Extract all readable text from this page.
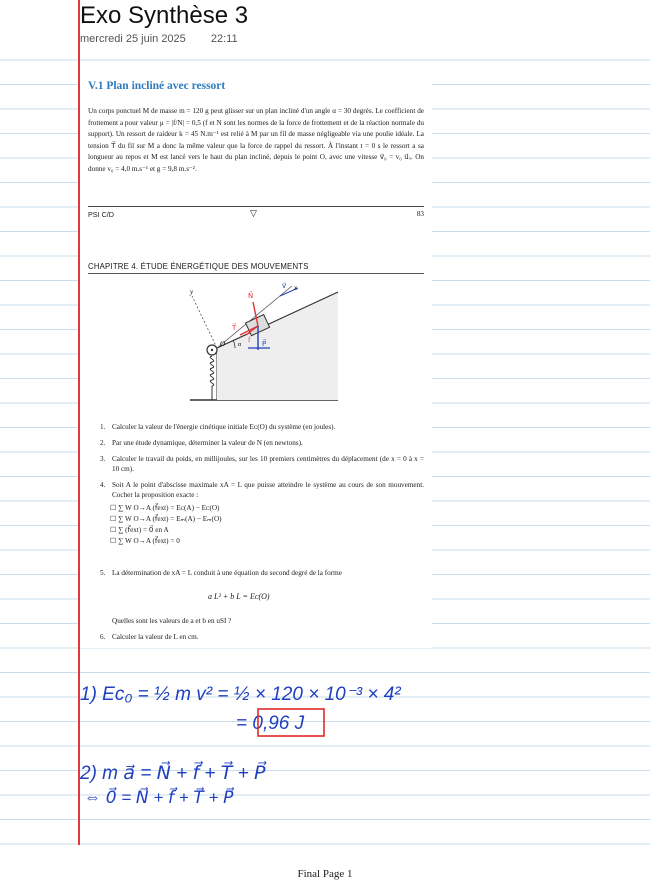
Exo Synthèse 3
mercredi 25 juin 2025 22:11
V.1 Plan incliné avec ressort
Un corps ponctuel M de masse m = 120 g peut glisser sur un plan incliné d'un angle α = 30 degrés. Le coefficient de frottement a pour valeur μ = |f/N| = 0,5 (f et N sont les normes de la force de frottement et de la réaction normale du support). Un ressort de raideur k = 45 N.m⁻¹ est relié à M par un fil de masse négligeable via une poulie idéale. La tension T⃗ du fil sur M a donc la même valeur que la force de rappel du ressort. À l'instant t = 0 s le ressort a sa longueur au repos et M est lancé vers le haut du plan incliné, depuis le point O, avec une vitesse v⃗₀ = v₀ u⃗ₓ. On donne v₀ = 4,0 m.s⁻¹ et g = 9,8 m.s⁻².
PSI C/D	▽	83
CHAPITRE 4. ÉTUDE ÉNERGÉTIQUE DES MOUVEMENTS
y	x
v⃗
N⃗
T⃗
f P⃗
O α
1. Calculer la valeur de l'énergie cinétique initiale Eᴄ(O) du système (en joules).
2. Par une étude dynamique, déterminer la valeur de N (en newtons).
3. Calculer le travail du poids, en millijoules, sur les 10 premiers centimètres du déplacement (de x = 0 à x = 10 cm).
4. Soit A le point d'abscisse maximale xA = L que puisse atteindre le système au cours de son mouvement. Cocher la proposition exacte :
☐ ∑ W O→A (f⃗ext) = Eᴄ(A) − Eᴄ(O)
☐ ∑ W O→A (f⃗ext) = Eₘ(A) − Eₘ(O)
☐ ∑ (f⃗ext) = 0⃗ en A
☐ ∑ W O→A (f⃗ext) = 0
5. La détermination de xA = L conduit à une équation du second degré de la forme
a L² + b L = Eᴄ(O)
Quelles sont les valeurs de a et b en uSI ?
6. Calculer la valeur de L en cm.
1) Eᴄ₀ = ½ m v² = ½ × 120 × 10⁻³ × 4²
= 0,96 J
2) m a⃗ = N⃗ + f⃗ + T⃗ + P⃗
⇔ 0⃗ = N⃗ + f⃗ + T⃗ + P⃗
Final Page 1
